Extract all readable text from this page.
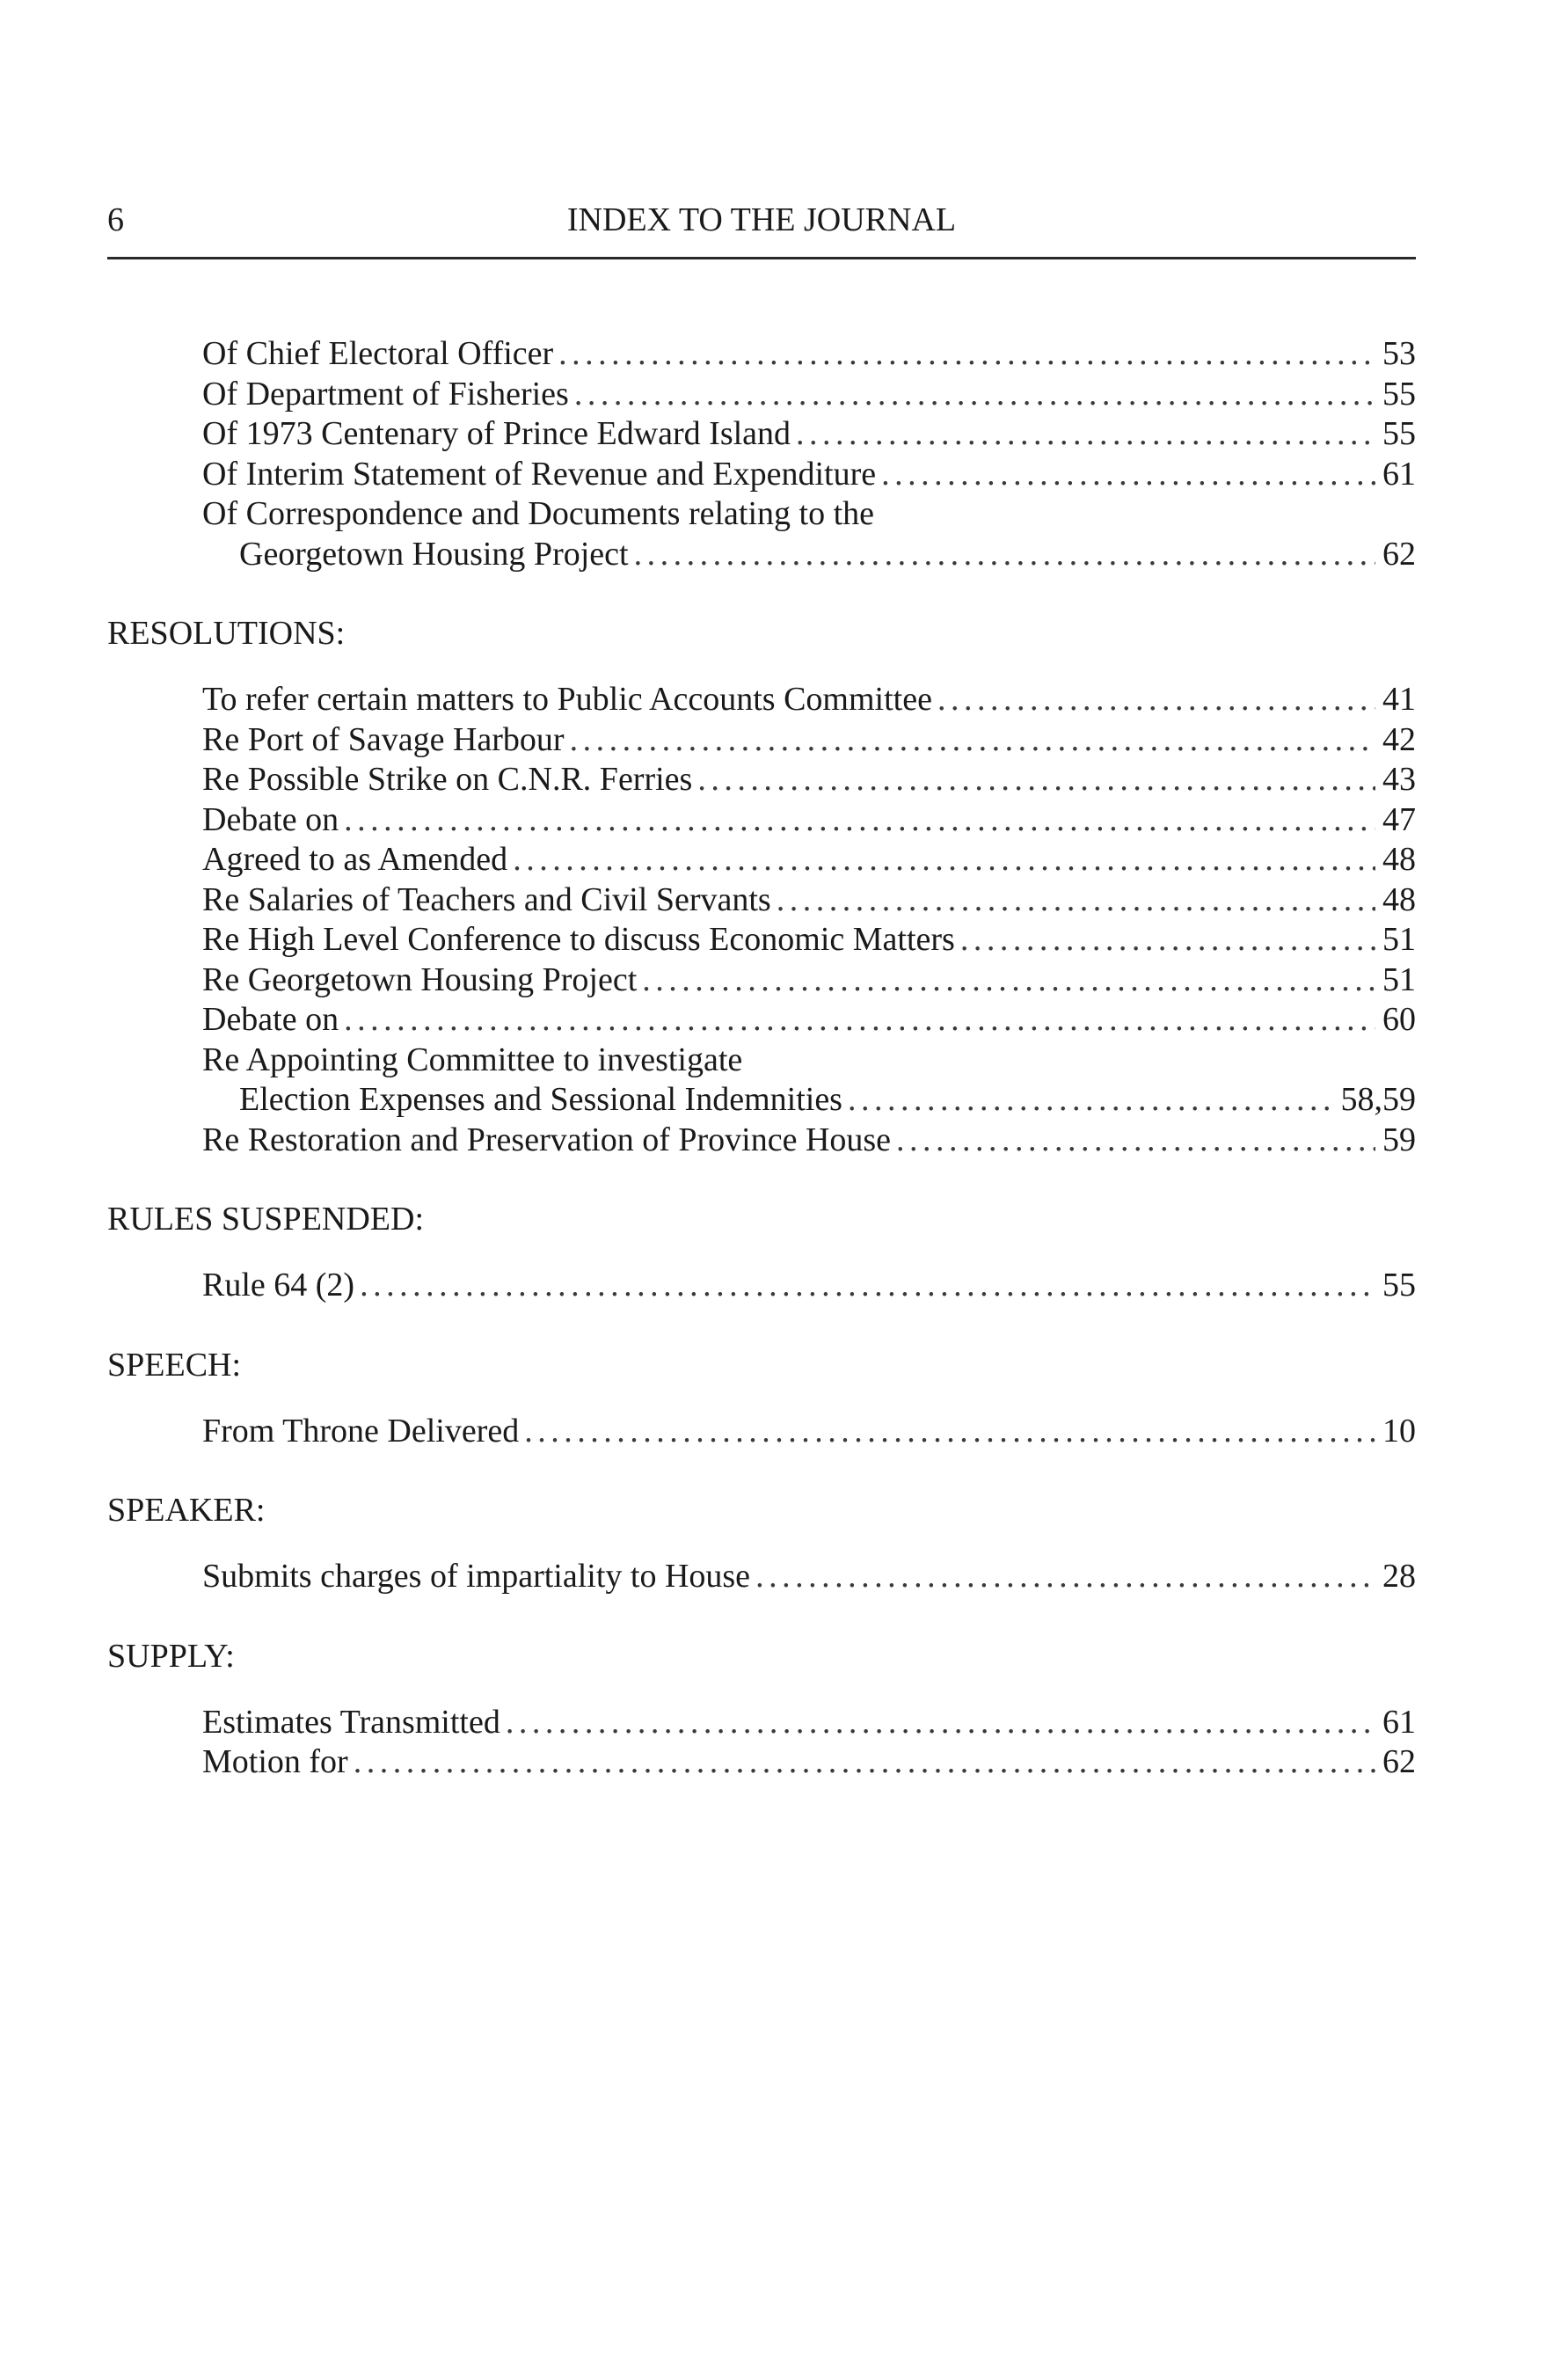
6	INDEX TO THE JOURNAL
Of Chief Electoral Officer . . .	53
Of Department of Fisheries . . .	55
Of 1973 Centenary of Prince Edward Island . . .	55
Of Interim Statement of Revenue and Expenditure . . .	61
Of Correspondence and Documents relating to the
Georgetown Housing Project . . .	62
RESOLUTIONS:
To refer certain matters to Public Accounts Committee . . .	41
Re Port of Savage Harbour . . .	42
Re Possible Strike on C.N.R. Ferries . . .	43
Debate on . . .	47
Agreed to as Amended . . .	48
Re Salaries of Teachers and Civil Servants . . .	48
Re High Level Conference to discuss Economic Matters . . .	51
Re Georgetown Housing Project . . .	51
Debate on . . .	60
Re Appointing Committee to investigate
Election Expenses and Sessional Indemnities . . .	58,59
Re Restoration and Preservation of Province House . . .	59
RULES SUSPENDED:
Rule 64 (2) . . .	55
SPEECH:
From Throne Delivered . . .	10
SPEAKER:
Submits charges of impartiality to House . . .	28
SUPPLY:
Estimates Transmitted . . .	61
Motion for . . .	62
